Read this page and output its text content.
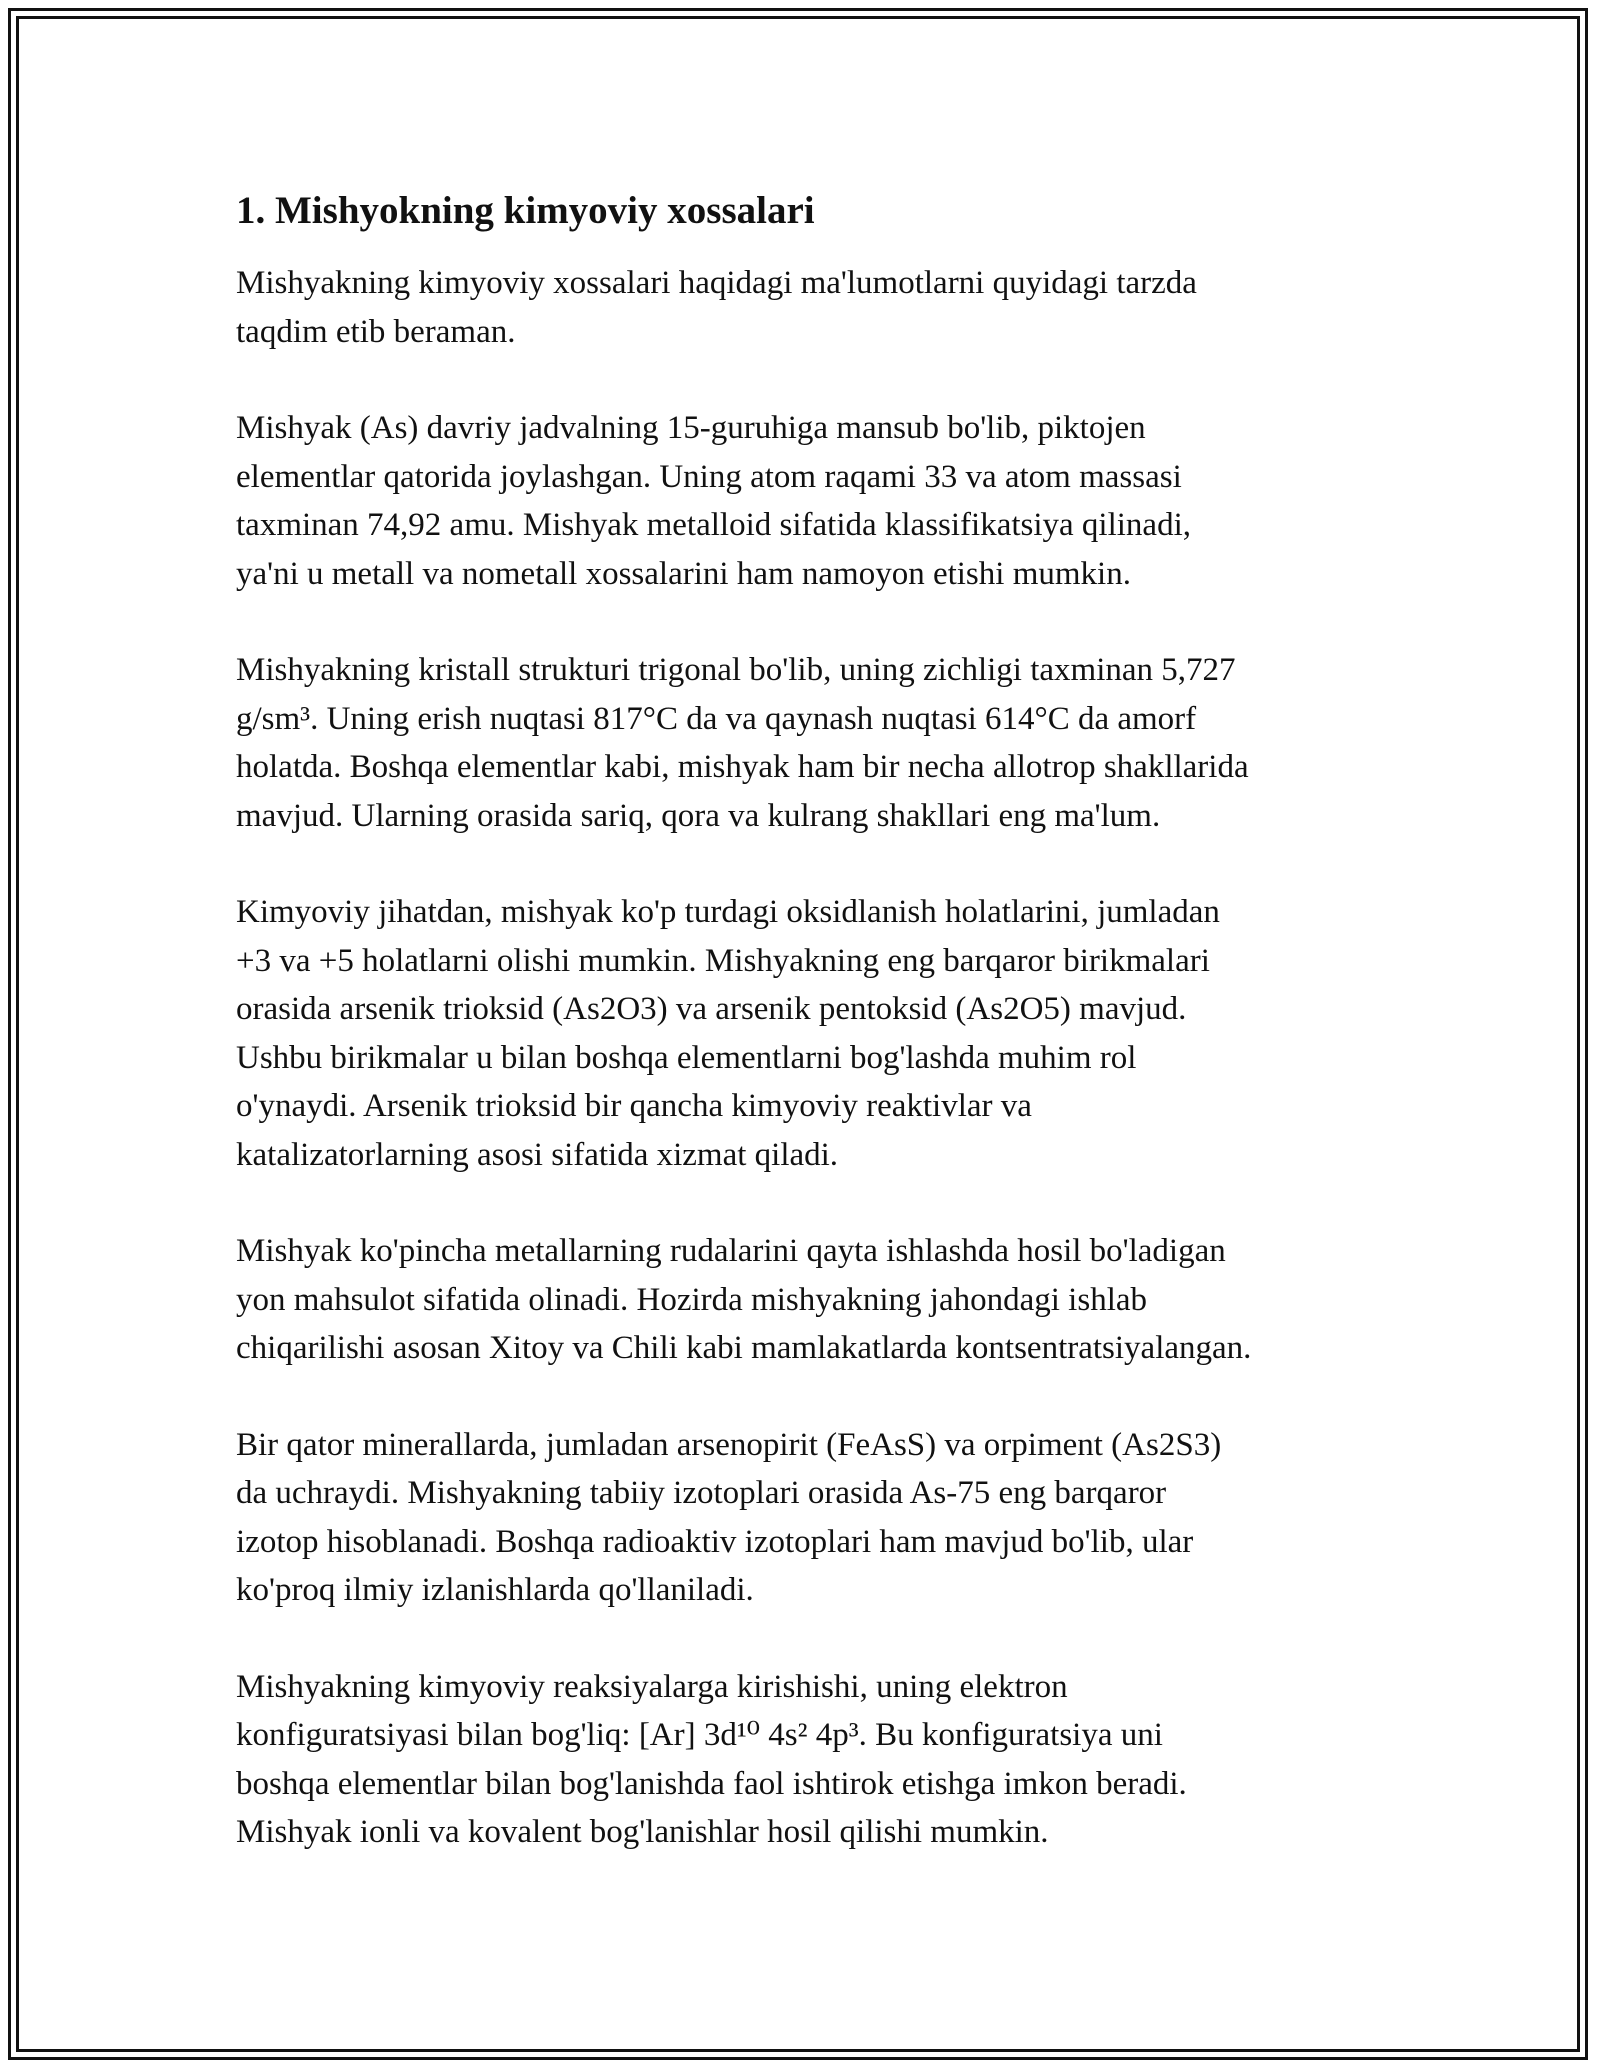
1. Mishyokning kimyoviy xossalari

Mishyakning kimyoviy xossalari haqidagi ma'lumotlarni quyidagi tarzda
taqdim etib beraman.

Mishyak (As) davriy jadvalning 15-guruhiga mansub bo'lib, piktojen
elementlar qatorida joylashgan. Uning atom raqami 33 va atom massasi
taxminan 74,92 amu. Mishyak metalloid sifatida klassifikatsiya qilinadi,
ya'ni u metall va nometall xossalarini ham namoyon etishi mumkin.

Mishyakning kristall strukturi trigonal bo'lib, uning zichligi taxminan 5,727
g/sm³. Uning erish nuqtasi 817°C da va qaynash nuqtasi 614°C da amorf
holatda. Boshqa elementlar kabi, mishyak ham bir necha allotrop shakllarida
mavjud. Ularning orasida sariq, qora va kulrang shakllari eng ma'lum.

Kimyoviy jihatdan, mishyak ko'p turdagi oksidlanish holatlarini, jumladan
+3 va +5 holatlarni olishi mumkin. Mishyakning eng barqaror birikmalari
orasida arsenik trioksid (As2O3) va arsenik pentoksid (As2O5) mavjud.
Ushbu birikmalar u bilan boshqa elementlarni bog'lashda muhim rol
o'ynaydi. Arsenik trioksid bir qancha kimyoviy reaktivlar va
katalizatorlarning asosi sifatida xizmat qiladi.

Mishyak ko'pincha metallarning rudalarini qayta ishlashda hosil bo'ladigan
yon mahsulot sifatida olinadi. Hozirda mishyakning jahondagi ishlab
chiqarilishi asosan Xitoy va Chili kabi mamlakatlarda kontsentratsiyalangan.

Bir qator minerallarda, jumladan arsenopirit (FeAsS) va orpiment (As2S3)
da uchraydi. Mishyakning tabiiy izotoplari orasida As-75 eng barqaror
izotop hisoblanadi. Boshqa radioaktiv izotoplari ham mavjud bo'lib, ular
ko'proq ilmiy izlanishlarda qo'llaniladi.

Mishyakning kimyoviy reaksiyalarga kirishishi, uning elektron
konfiguratsiyasi bilan bog'liq: [Ar] 3d¹⁰ 4s² 4p³. Bu konfiguratsiya uni
boshqa elementlar bilan bog'lanishda faol ishtirok etishga imkon beradi.
Mishyak ionli va kovalent bog'lanishlar hosil qilishi mumkin.
